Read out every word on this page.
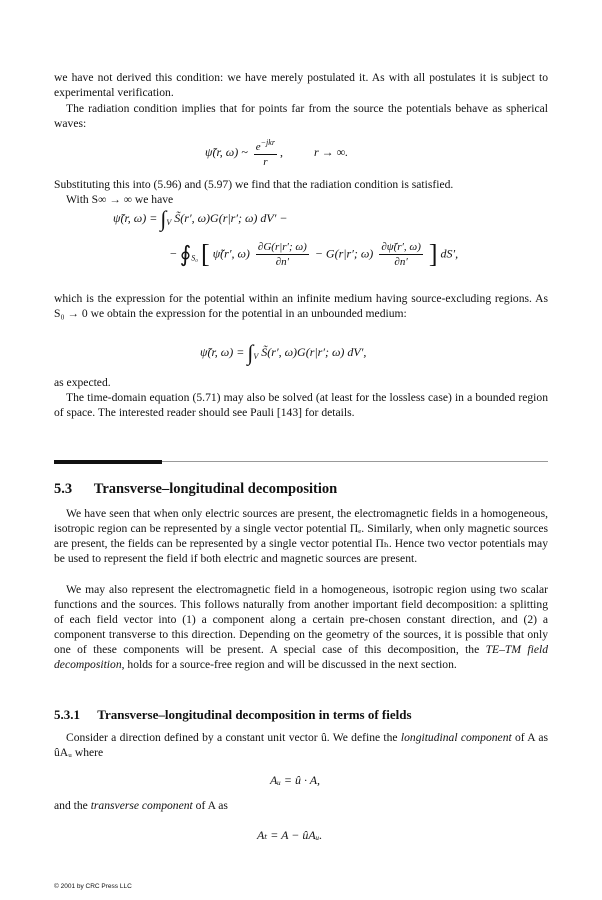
we have not derived this condition: we have merely postulated it. As with all postulates it is subject to experimental verification.

The radiation condition implies that for points far from the source the potentials behave as spherical waves:

Substituting this into (5.96) and (5.97) we find that the radiation condition is satisfied.

With S∞ → ∞ we have

which is the expression for the potential within an infinite medium having source-excluding regions. As S₀ → 0 we obtain the expression for the potential in an unbounded medium:

as expected.

The time-domain equation (5.71) may also be solved (at least for the lossless case) in a bounded region of space. The interested reader should see Pauli [143] for details.

ψ̃(r, ω) ~ $\frac{e^{-jkr}}{r}$ , r → ∞.
ψ̃(r, $\omega) = \int_V$ S̃(r′, ω)G(r|r′; ω) dV′ −
− $∮_{S_0}$ [ ψ̃(r′, $\omega) \frac{\partial G(r|r'; \omega)}{\partial n'} - G(r|r'$; $\omega) \frac{\partial\psĩ(r', \omega)}{\partial n'}$ ] dS′,
ψ̃(r, $\omega) = \int_V$ S̃(r′, ω)G(r|r′; ω) dV′,
5.3 Transverse–longitudinal decomposition

We have seen that when only electric sources are present, the electromagnetic fields in a homogeneous, isotropic region can be represented by a single vector potential Πₑ. Similarly, when only magnetic sources are present, the fields can be represented by a single vector potential Πₕ. Hence two vector potentials may be used to represent the field if both electric and magnetic sources are present.

We may also represent the electromagnetic field in a homogeneous, isotropic region using two scalar functions and the sources. This follows naturally from another important field decomposition: a splitting of each field vector into (1) a component along a certain pre-chosen constant direction, and (2) a component transverse to this direction. Depending on the geometry of the sources, it is possible that only one of these components will be present. A special case of this decomposition, the TE–TM field decomposition, holds for a source-free region and will be discussed in the next section.

5.3.1 Transverse–longitudinal decomposition in terms of fields

Consider a direction defined by a constant unit vector û. We define the longitudinal component of A as ûAᵤ where

Aᵤ = û · A,

and the transverse component of A as

Aₜ = A − ûAᵤ.
© 2001 by CRC Press LLC
